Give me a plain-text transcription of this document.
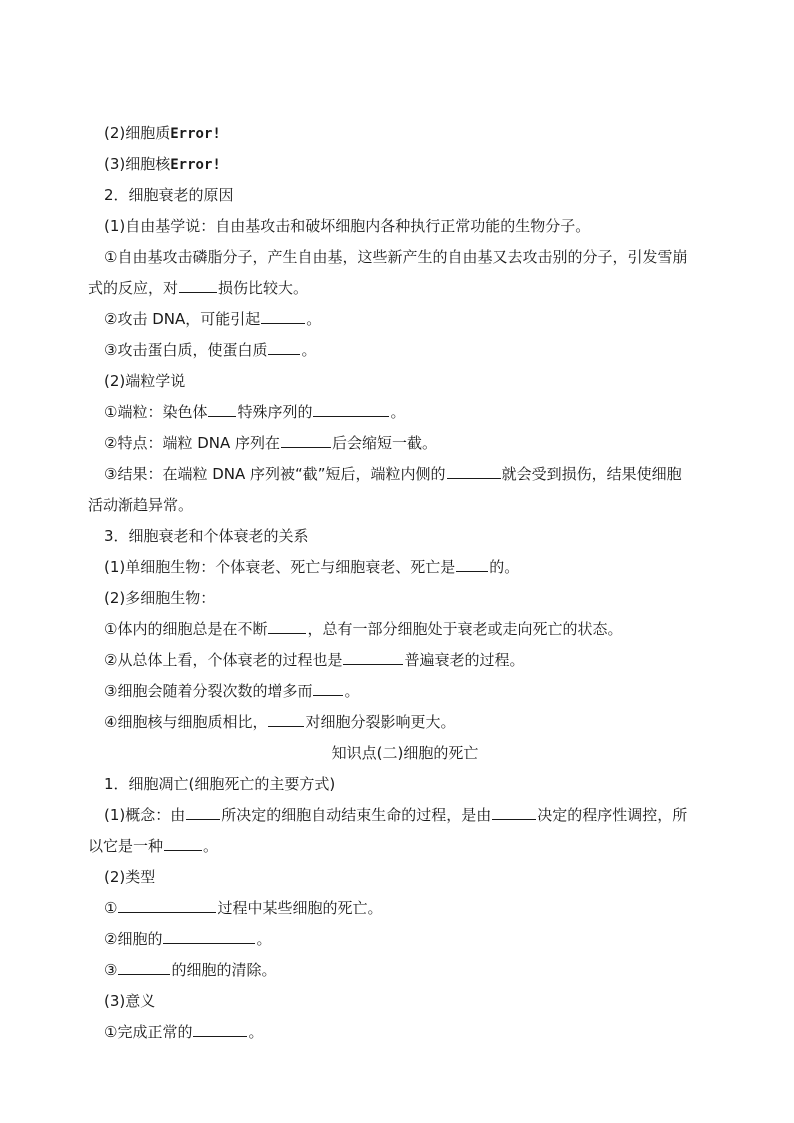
(2)细胞质Error!
(3)细胞核Error!
2．细胞衰老的原因
(1)自由基学说：自由基攻击和破坏细胞内各种执行正常功能的生物分子。
①自由基攻击磷脂分子，产生自由基，这些新产生的自由基又去攻击别的分子，引发雪崩
式的反应，对	损伤比较大。
②攻击 DNA，可能引起	。
③攻击蛋白质，使蛋白质 。
(2)端粒学说
①端粒：染色体 特殊序列的	。
②特点：端粒 DNA 序列在	后会缩短一截。
③结果：在端粒 DNA 序列被“截”短后，端粒内侧的	就会受到损伤，结果使细胞
活动渐趋异常。
3．细胞衰老和个体衰老的关系
(1)单细胞生物：个体衰老、死亡与细胞衰老、死亡是 的。
(2)多细胞生物：
①体内的细胞总是在不断	，总有一部分细胞处于衰老或走向死亡的状态。
②从总体上看，个体衰老的过程也是	普遍衰老的过程。
③细胞会随着分裂次数的增多而 。
④细胞核与细胞质相比，	对细胞分裂影响更大。
知识点(二)细胞的死亡
1．细胞凋亡(细胞死亡的主要方式)
(1)概念：由 所决定的细胞自动结束生命的过程，是由	决定的程序性调控，所
以它是一种	。
(2)类型
①	过程中某些细胞的死亡。
②细胞的	。
③	的细胞的清除。
(3)意义
①完成正常的	。
